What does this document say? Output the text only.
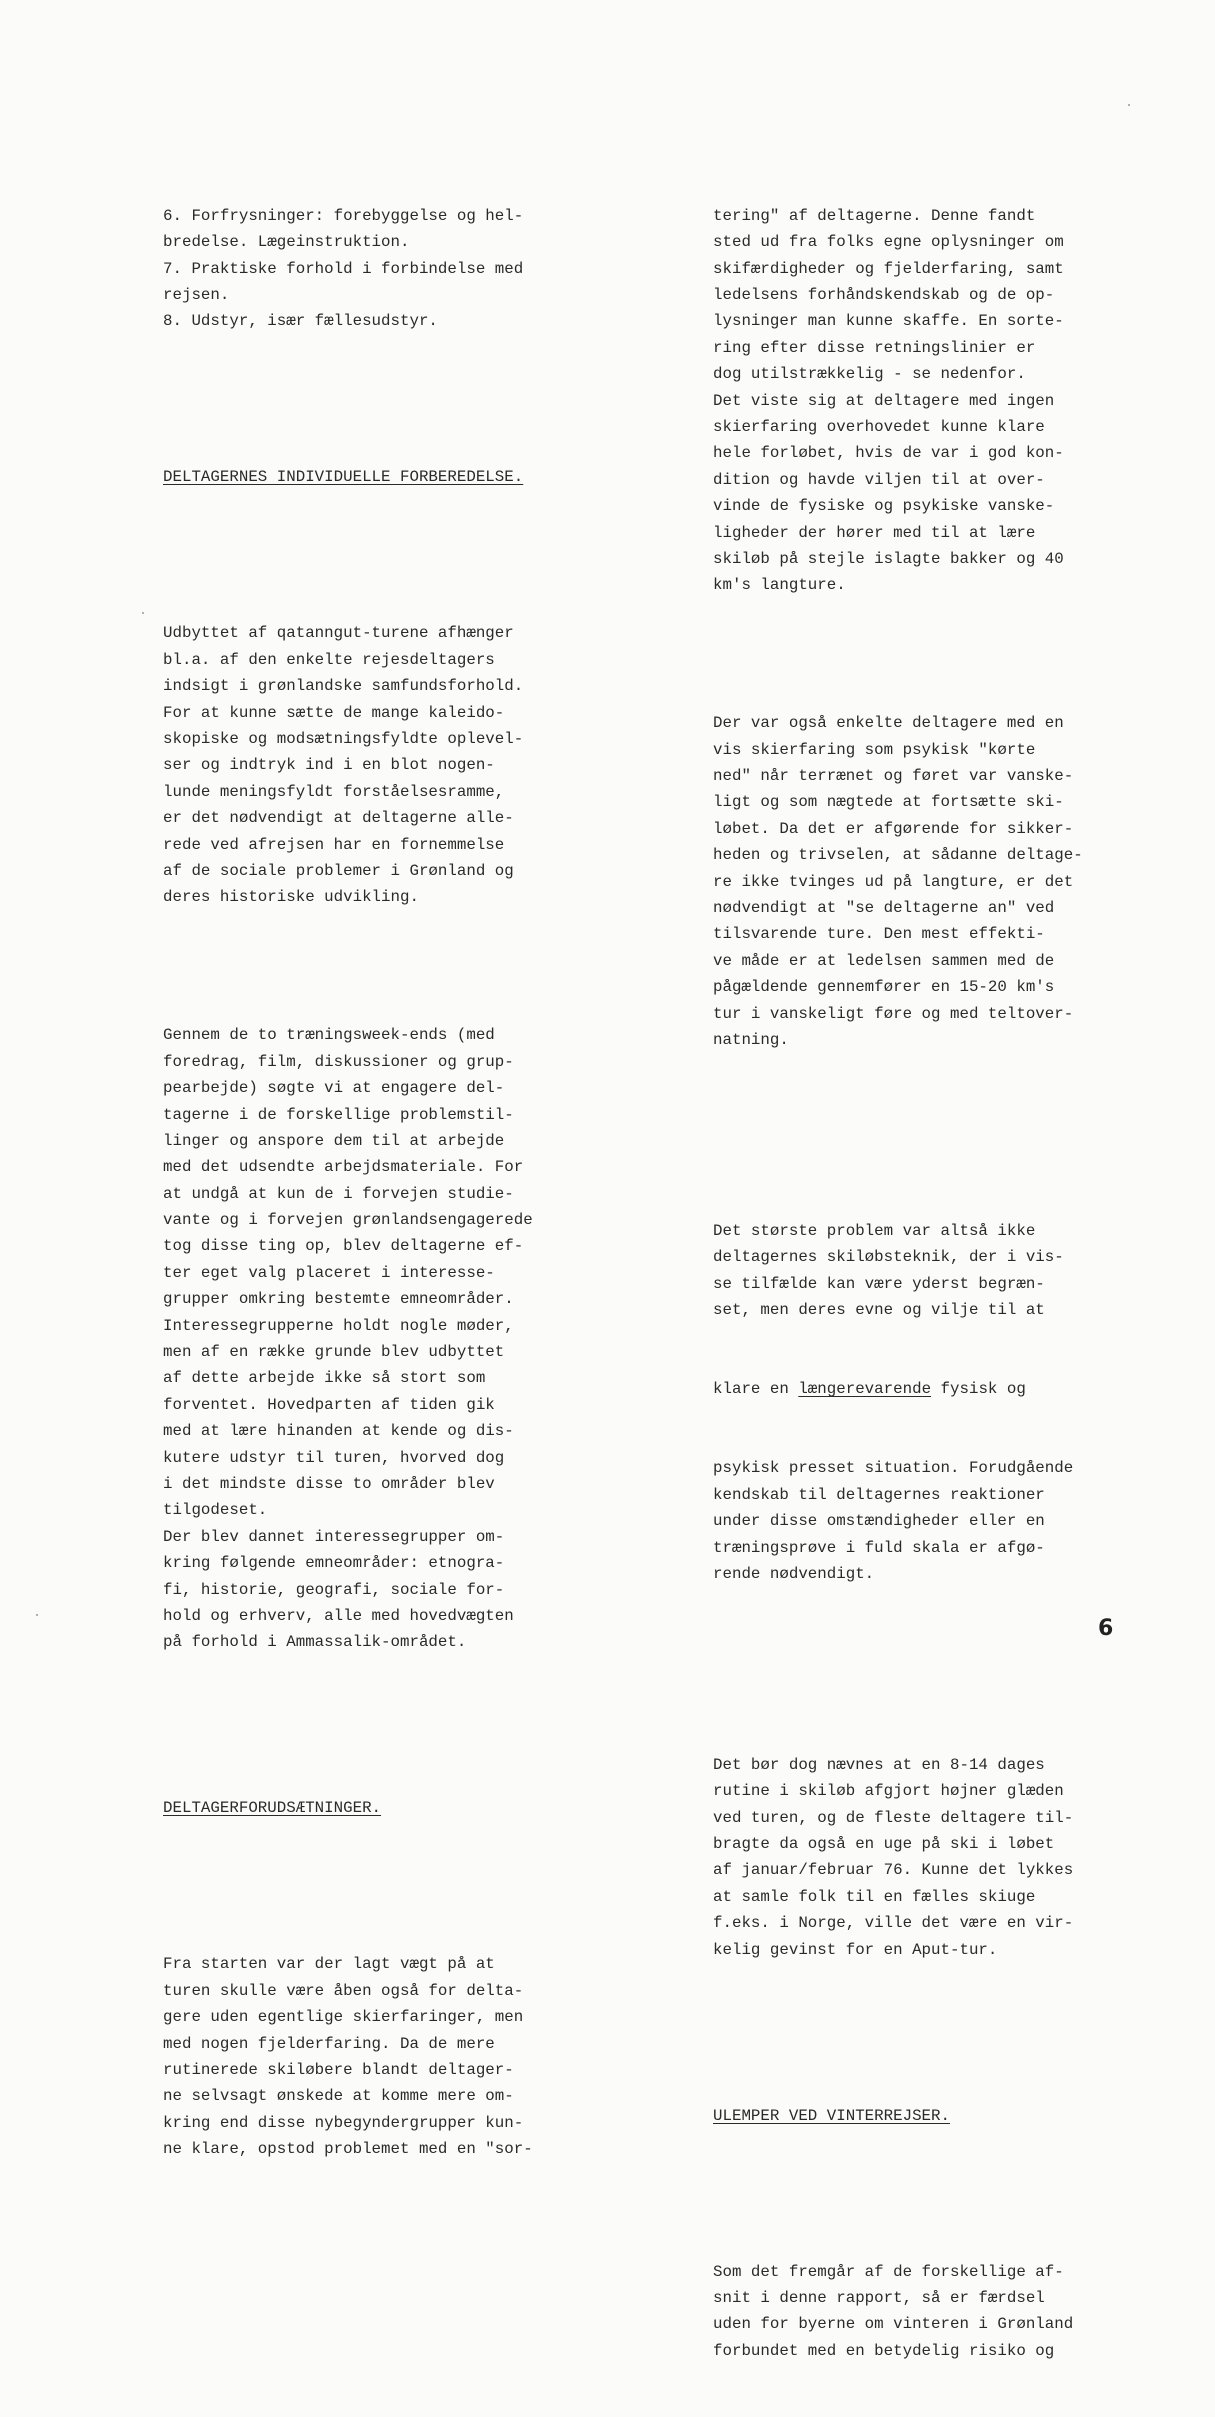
6. Forfrysninger: forebyggelse og hel-
bredelse. Lægeinstruktion.
7. Praktiske forhold i forbindelse med
rejsen.
8. Udstyr, især fællesudstyr.

DELTAGERNES INDIVIDUELLE FORBEREDELSE.

Udbyttet af qatanngut-turene afhænger
bl.a. af den enkelte rejesdeltagers
indsigt i grønlandske samfundsforhold.
For at kunne sætte de mange kaleido-
skopiske og modsætningsfyldte oplevel-
ser og indtryk ind i en blot nogen-
lunde meningsfyldt forståelsesramme,
er det nødvendigt at deltagerne alle-
rede ved afrejsen har en fornemmelse
af de sociale problemer i Grønland og
deres historiske udvikling.

Gennem de to træningsweek-ends (med
foredrag, film, diskussioner og grup-
pearbejde) søgte vi at engagere del-
tagerne i de forskellige problemstil-
linger og anspore dem til at arbejde
med det udsendte arbejdsmateriale. For
at undgå at kun de i forvejen studie-
vante og i forvejen grønlandsengagerede
tog disse ting op, blev deltagerne ef-
ter eget valg placeret i interesse-
grupper omkring bestemte emneområder.
Interessegrupperne holdt nogle møder,
men af en række grunde blev udbyttet
af dette arbejde ikke så stort som
forventet. Hovedparten af tiden gik
med at lære hinanden at kende og dis-
kutere udstyr til turen, hvorved dog
i det mindste disse to områder blev
tilgodeset.
Der blev dannet interessegrupper om-
kring følgende emneområder: etnogra-
fi, historie, geografi, sociale for-
hold og erhverv, alle med hovedvægten
på forhold i Ammassalik-området.

DELTAGERFORUDSÆTNINGER.

Fra starten var der lagt vægt på at
turen skulle være åben også for delta-
gere uden egentlige skierfaringer, men
med nogen fjelderfaring. Da de mere
rutinerede skiløbere blandt deltager-
ne selvsagt ønskede at komme mere om-
kring end disse nybegyndergrupper kun-
ne klare, opstod problemet med en "sor-

tering" af deltagerne. Denne fandt
sted ud fra folks egne oplysninger om
skifærdigheder og fjelderfaring, samt
ledelsens forhåndskendskab og de op-
lysninger man kunne skaffe. En sorte-
ring efter disse retningslinier er
dog utilstrækkelig - se nedenfor.
Det viste sig at deltagere med ingen
skierfaring overhovedet kunne klare
hele forløbet, hvis de var i god kon-
dition og havde viljen til at over-
vinde de fysiske og psykiske vanske-
ligheder der hører med til at lære
skiløb på stejle islagte bakker og 40
km's langture.

Der var også enkelte deltagere med en
vis skierfaring som psykisk "kørte
ned" når terrænet og føret var vanske-
ligt og som nægtede at fortsætte ski-
løbet. Da det er afgørende for sikker-
heden og trivselen, at sådanne deltage-
re ikke tvinges ud på langture, er det
nødvendigt at "se deltagerne an" ved
tilsvarende ture. Den mest effekti-
ve måde er at ledelsen sammen med de
pågældende gennemfører en 15-20 km's
tur i vanskeligt føre og med teltover-
natning.

Det største problem var altså ikke
deltagernes skiløbsteknik, der i vis-
se tilfælde kan være yderst begræn-
set, men deres evne og vilje til at

klare en længerevarende fysisk og

psykisk presset situation. Forudgående
kendskab til deltagernes reaktioner
under disse omstændigheder eller en
træningsprøve i fuld skala er afgø-
rende nødvendigt.

Det bør dog nævnes at en 8-14 dages
rutine i skiløb afgjort højner glæden
ved turen, og de fleste deltagere til-
bragte da også en uge på ski i løbet
af januar/februar 76. Kunne det lykkes
at samle folk til en fælles skiuge
f.eks. i Norge, ville det være en vir-
kelig gevinst for en Aput-tur.

ULEMPER VED VINTERREJSER.

Som det fremgår af de forskellige af-
snit i denne rapport, så er færdsel
uden for byerne om vinteren i Grønland
forbundet med en betydelig risiko og

6
